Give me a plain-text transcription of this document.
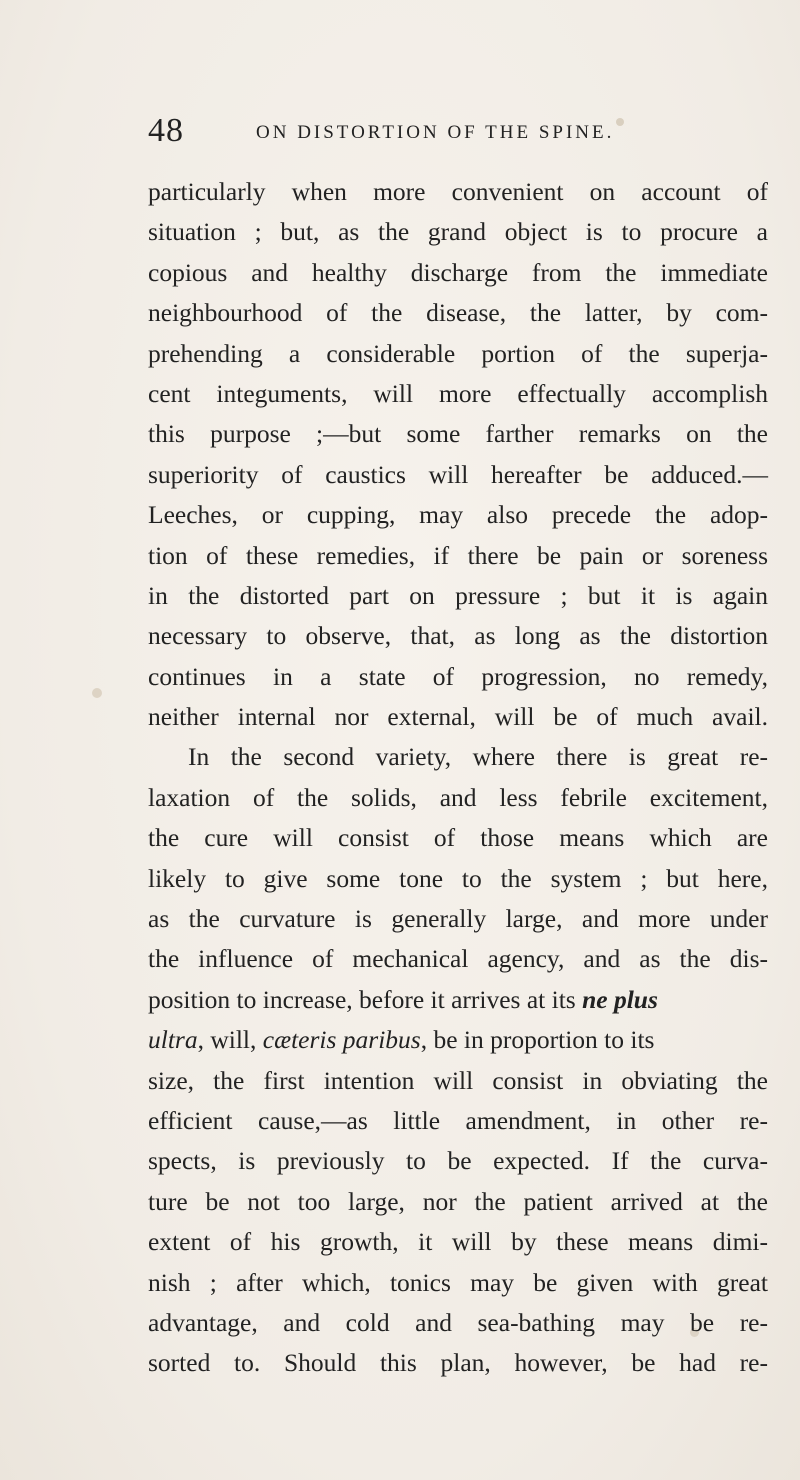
48	ON DISTORTION OF THE SPINE.
particularly when more convenient on account of
situation ; but, as the grand object is to procure a
copious and healthy discharge from the immediate
neighbourhood of the disease, the latter, by com-
prehending a considerable portion of the superja-
cent integuments, will more effectually accomplish
this purpose ;—but some farther remarks on the
superiority of caustics will hereafter be adduced.—
Leeches, or cupping, may also precede the adop-
tion of these remedies, if there be pain or soreness
in the distorted part on pressure ; but it is again
necessary to observe, that, as long as the distortion
continues in a state of progression, no remedy,
neither internal nor external, will be of much avail.
In the second variety, where there is great re-
laxation of the solids, and less febrile excitement,
the cure will consist of those means which are
likely to give some tone to the system ; but here,
as the curvature is generally large, and more under
the influence of mechanical agency, and as the dis-
position to increase, before it arrives at its ne plus
ultra, will, cæteris paribus, be in proportion to its
size, the first intention will consist in obviating the
efficient cause,—as little amendment, in other re-
spects, is previously to be expected. If the curva-
ture be not too large, nor the patient arrived at the
extent of his growth, it will by these means dimi-
nish ; after which, tonics may be given with great
advantage, and cold and sea-bathing may be re-
sorted to. Should this plan, however, be had re-
